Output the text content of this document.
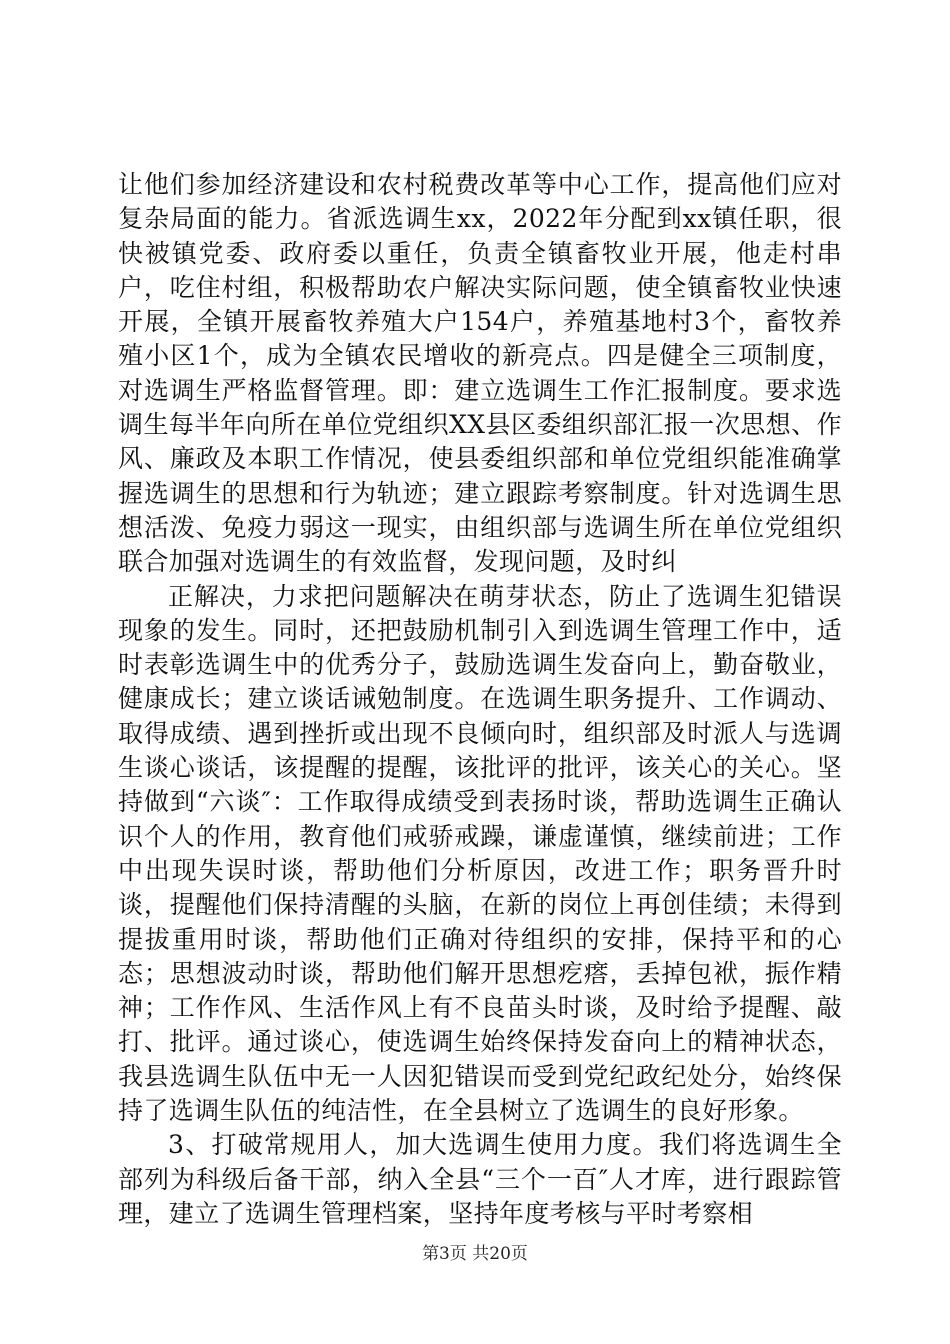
让他们参加经济建设和农村税费改革等中心工作，提高他们应对复杂局面的能力。省派选调生xx，2022年分配到xx镇任职，很快被镇党委、政府委以重任，负责全镇畜牧业开展，他走村串户，吃住村组，积极帮助农户解决实际问题，使全镇畜牧业快速开展，全镇开展畜牧养殖大户154户，养殖基地村3个，畜牧养殖小区1个，成为全镇农民增收的新亮点。四是健全三项制度，对选调生严格监督管理。即：建立选调生工作汇报制度。要求选调生每半年向所在单位党组织XX县区委组织部汇报一次思想、作风、廉政及本职工作情况，使县委组织部和单位党组织能准确掌握选调生的思想和行为轨迹；建立跟踪考察制度。针对选调生思想活泼、免疫力弱这一现实，由组织部与选调生所在单位党组织联合加强对选调生的有效监督，发现问题，及时纠

正解决，力求把问题解决在萌芽状态，防止了选调生犯错误现象的发生。同时，还把鼓励机制引入到选调生管理工作中，适时表彰选调生中的优秀分子，鼓励选调生发奋向上，勤奋敬业，健康成长；建立谈话诫勉制度。在选调生职务提升、工作调动、取得成绩、遇到挫折或出现不良倾向时，组织部及时派人与选调生谈心谈话，该提醒的提醒，该批评的批评，该关心的关心。坚持做到“六谈″：工作取得成绩受到表扬时谈，帮助选调生正确认识个人的作用，教育他们戒骄戒躁，谦虚谨慎，继续前进；工作中出现失误时谈，帮助他们分析原因，改进工作；职务晋升时谈，提醒他们保持清醒的头脑，在新的岗位上再创佳绩；未得到提拔重用时谈，帮助他们正确对待组织的安排，保持平和的心态；思想波动时谈，帮助他们解开思想疙瘩，丢掉包袱，振作精神；工作作风、生活作风上有不良苗头时谈，及时给予提醒、敲打、批评。通过谈心，使选调生始终保持发奋向上的精神状态，我县选调生队伍中无一人因犯错误而受到党纪政纪处分，始终保持了选调生队伍的纯洁性，在全县树立了选调生的良好形象。

3、打破常规用人，加大选调生使用力度。我们将选调生全部列为科级后备干部，纳入全县“三个一百″人才库，进行跟踪管理，建立了选调生管理档案，坚持年度考核与平时考察相

第3页 共20页
